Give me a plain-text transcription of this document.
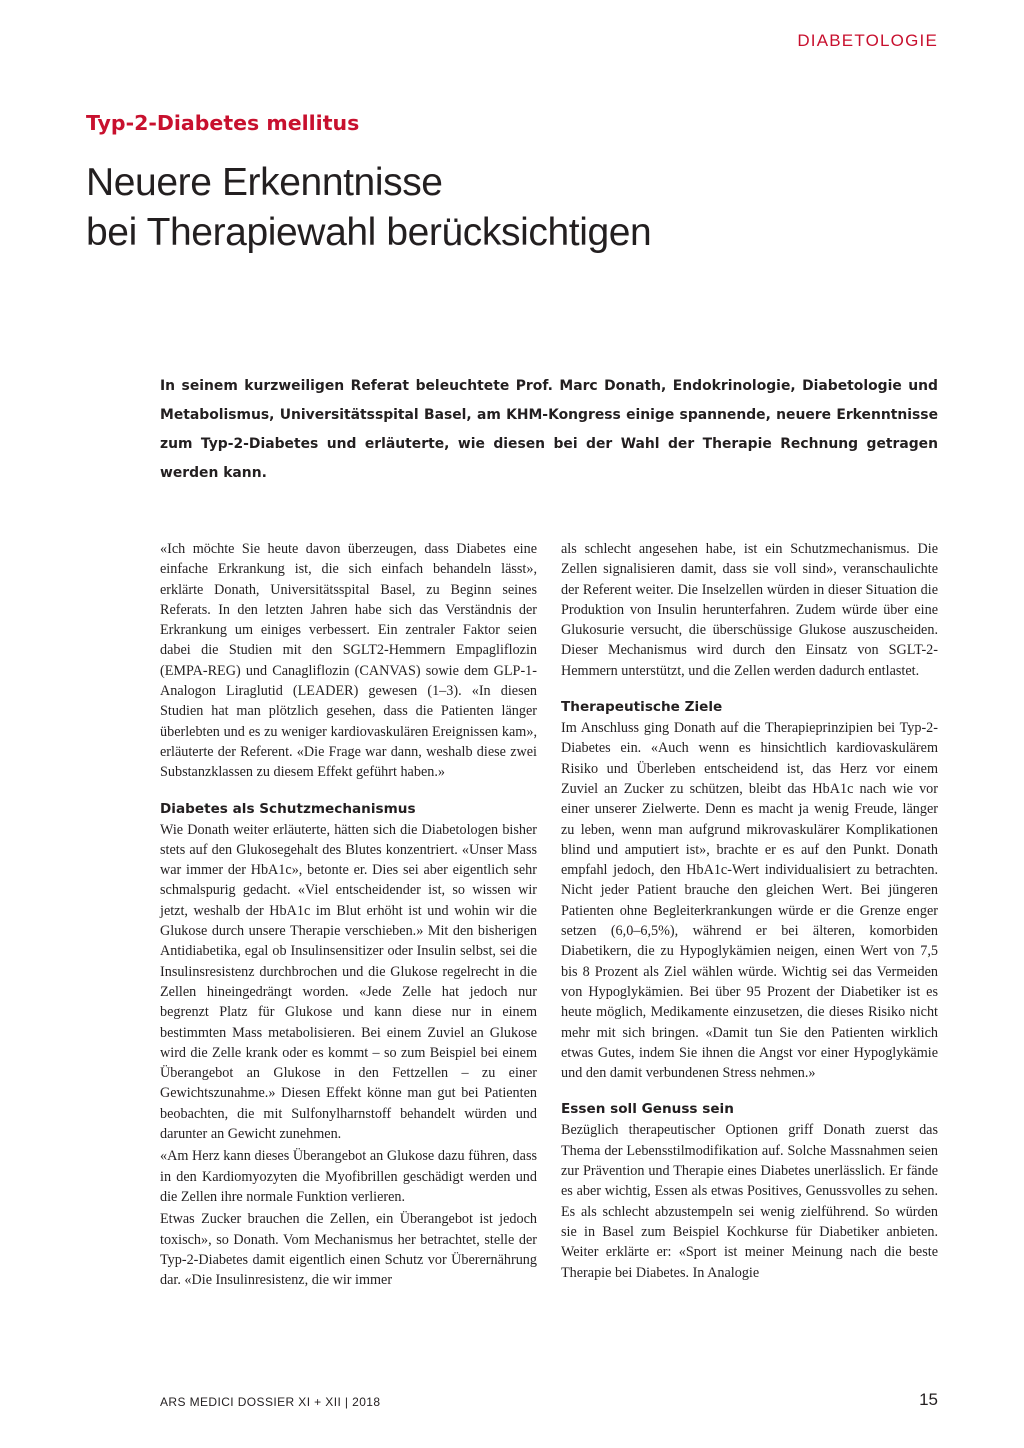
DIABETOLOGIE
Typ-2-Diabetes mellitus
Neuere Erkenntnisse
bei Therapiewahl berücksichtigen
In seinem kurzweiligen Referat beleuchtete Prof. Marc Donath, Endokrinologie, Diabetologie und Metabolismus, Universitätsspital Basel, am KHM-Kongress einige spannende, neuere Erkenntnisse zum Typ-2-Diabetes und erläuterte, wie diesen bei der Wahl der Therapie Rechnung getragen werden kann.

«Ich möchte Sie heute davon überzeugen, dass Diabetes eine einfache Erkrankung ist, die sich einfach behandeln lässt», erklärte Donath, Universitätsspital Basel, zu Beginn seines Referats. In den letzten Jahren habe sich das Verständnis der Erkrankung um einiges verbessert. Ein zentraler Faktor seien dabei die Studien mit den SGLT2-Hemmern Empagliflozin (EMPA-REG) und Canagliflozin (CANVAS) sowie dem GLP-1-Analogon Liraglutid (LEADER) gewesen (1–3). «In diesen Studien hat man plötzlich gesehen, dass die Patienten länger überlebten und es zu weniger kardiovaskulären Ereignissen kam», erläuterte der Referent. «Die Frage war dann, weshalb diese zwei Substanzklassen zu diesem Effekt geführt haben.»

Diabetes als Schutzmechanismus

Wie Donath weiter erläuterte, hätten sich die Diabetologen bisher stets auf den Glukosegehalt des Blutes konzentriert. «Unser Mass war immer der HbA1c», betonte er. Dies sei aber eigentlich sehr schmalspurig gedacht. «Viel entscheidender ist, so wissen wir jetzt, weshalb der HbA1c im Blut erhöht ist und wohin wir die Glukose durch unsere Therapie verschieben.» Mit den bisherigen Antidiabetika, egal ob Insulinsensitizer oder Insulin selbst, sei die Insulinsresistenz durchbrochen und die Glukose regelrecht in die Zellen hineingedrängt worden. «Jede Zelle hat jedoch nur begrenzt Platz für Glukose und kann diese nur in einem bestimmten Mass metabolisieren. Bei einem Zuviel an Glukose wird die Zelle krank oder es kommt – so zum Beispiel bei einem Überangebot an Glukose in den Fettzellen – zu einer Gewichtszunahme.» Diesen Effekt könne man gut bei Patienten beobachten, die mit Sulfonylharnstoff behandelt würden und darunter an Gewicht zunehmen.

«Am Herz kann dieses Überangebot an Glukose dazu führen, dass in den Kardiomyozyten die Myofibrillen geschädigt werden und die Zellen ihre normale Funktion verlieren.

Etwas Zucker brauchen die Zellen, ein Überangebot ist jedoch toxisch», so Donath. Vom Mechanismus her betrachtet, stelle der Typ-2-Diabetes damit eigentlich einen Schutz vor Überernährung dar. «Die Insulinresistenz, die wir immer

als schlecht angesehen habe, ist ein Schutzmechanismus. Die Zellen signalisieren damit, dass sie voll sind», veranschaulichte der Referent weiter. Die Inselzellen würden in dieser Situation die Produktion von Insulin herunterfahren. Zudem würde über eine Glukosurie versucht, die überschüssige Glukose auszuscheiden. Dieser Mechanismus wird durch den Einsatz von SGLT-2-Hemmern unterstützt, und die Zellen werden dadurch entlastet.

Therapeutische Ziele

Im Anschluss ging Donath auf die Therapieprinzipien bei Typ-2-Diabetes ein. «Auch wenn es hinsichtlich kardiovaskulärem Risiko und Überleben entscheidend ist, das Herz vor einem Zuviel an Zucker zu schützen, bleibt das HbA1c nach wie vor einer unserer Zielwerte. Denn es macht ja wenig Freude, länger zu leben, wenn man aufgrund mikrovaskulärer Komplikationen blind und amputiert ist», brachte er es auf den Punkt. Donath empfahl jedoch, den HbA1c-Wert individualisiert zu betrachten. Nicht jeder Patient brauche den gleichen Wert. Bei jüngeren Patienten ohne Begleiterkrankungen würde er die Grenze enger setzen (6,0–6,5%), während er bei älteren, komorbiden Diabetikern, die zu Hypoglykämien neigen, einen Wert von 7,5 bis 8 Prozent als Ziel wählen würde. Wichtig sei das Vermeiden von Hypoglykämien. Bei über 95 Prozent der Diabetiker ist es heute möglich, Medikamente einzusetzen, die dieses Risiko nicht mehr mit sich bringen. «Damit tun Sie den Patienten wirklich etwas Gutes, indem Sie ihnen die Angst vor einer Hypoglykämie und den damit verbundenen Stress nehmen.»

Essen soll Genuss sein

Bezüglich therapeutischer Optionen griff Donath zuerst das Thema der Lebensstilmodifikation auf. Solche Massnahmen seien zur Prävention und Therapie eines Diabetes unerlässlich. Er fände es aber wichtig, Essen als etwas Positives, Genussvolles zu sehen. Es als schlecht abzustempeln sei wenig zielführend. So würden sie in Basel zum Beispiel Kochkurse für Diabetiker anbieten. Weiter erklärte er: «Sport ist meiner Meinung nach die beste Therapie bei Diabetes. In Analogie

ARS MEDICI DOSSIER XI + XII | 2018	15
